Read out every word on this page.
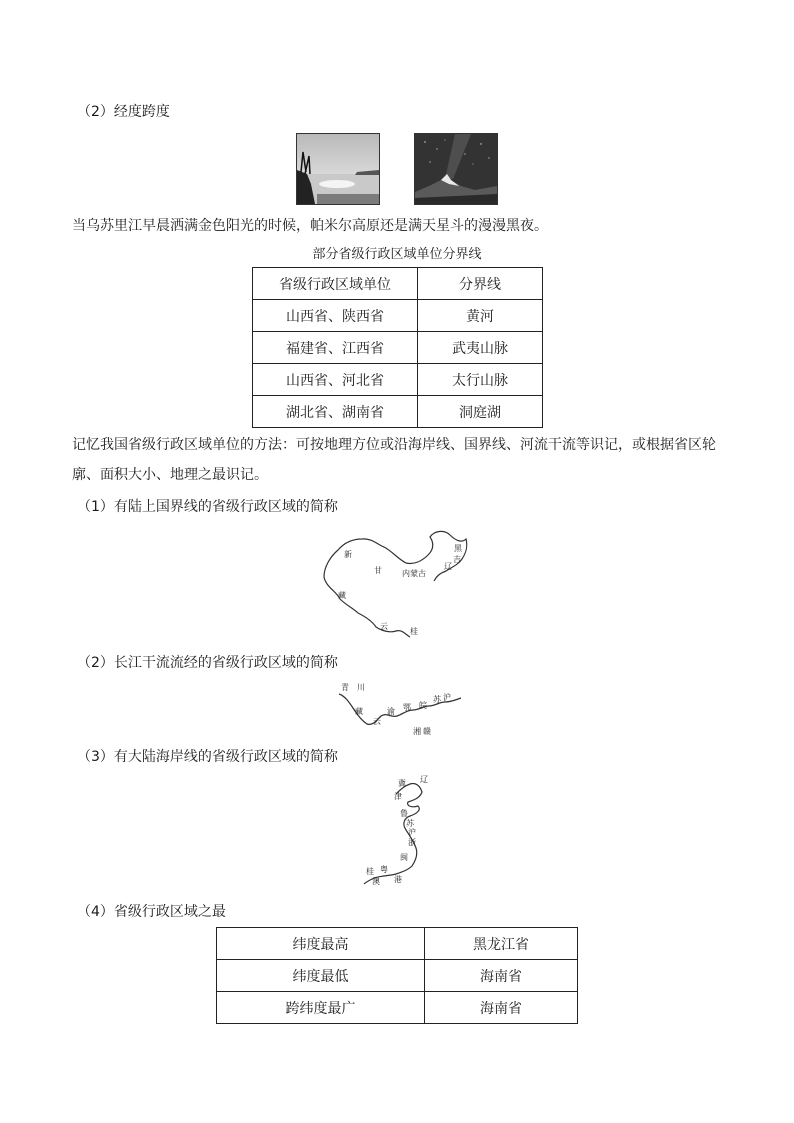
（2）经度跨度
当乌苏里江早晨洒满金色阳光的时候，帕米尔高原还是满天星斗的漫漫黑夜。
部分省级行政区域单位分界线
省级行政区域单位	分界线
山西省、陕西省	黄河
福建省、江西省	武夷山脉
山西省、河北省	太行山脉
湖北省、湖南省	洞庭湖
记忆我国省级行政区域单位的方法：可按地理方位或沿海岸线、国界线、河流干流等识记，或根据省区轮廓、面积大小、地理之最识记。
（1）有陆上国界线的省级行政区域的简称
新
甘	内蒙古
黑
吉
辽
藏
云
桂
（2）长江干流流经的省级行政区域的简称
青 川
藏
云
渝 鄂 皖
苏 沪
湘 赣
（3）有大陆海岸线的省级行政区域的简称
冀 辽
津
鲁
苏
沪
浙
闽
粤
桂
澳 港
（4）省级行政区域之最
纬度最高	黑龙江省
纬度最低	海南省
跨纬度最广	海南省
